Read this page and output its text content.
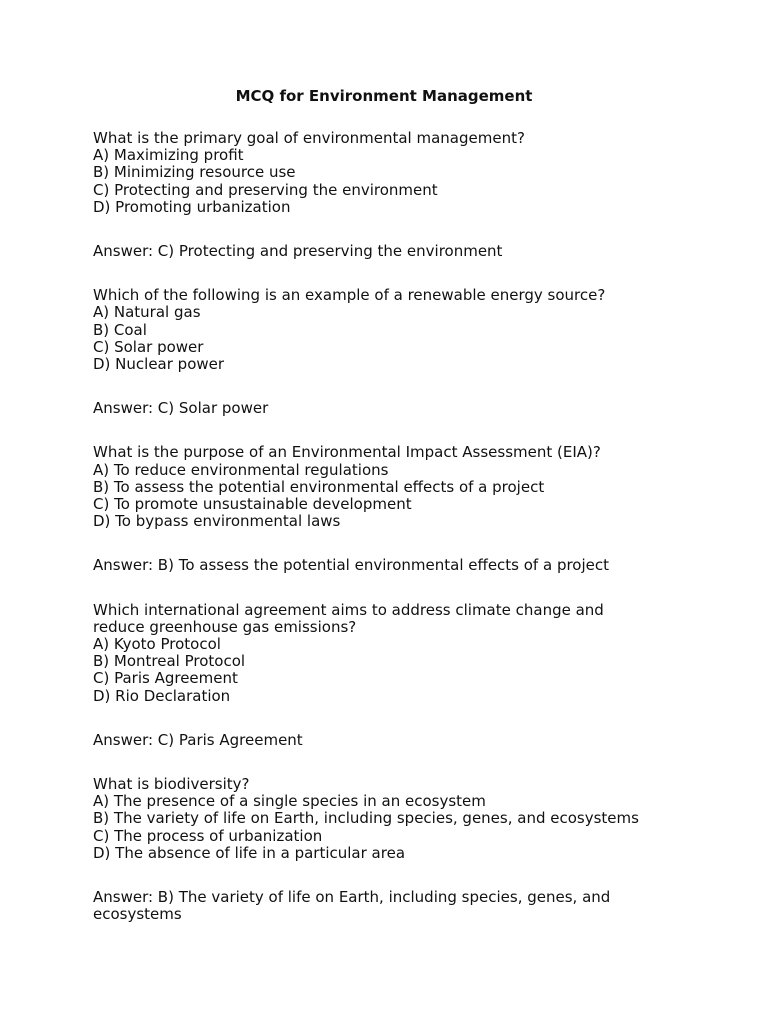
MCQ for Environment Management
What is the primary goal of environmental management?
A) Maximizing profit
B) Minimizing resource use
C) Protecting and preserving the environment
D) Promoting urbanization
Answer: C) Protecting and preserving the environment
Which of the following is an example of a renewable energy source?
A) Natural gas
B) Coal
C) Solar power
D) Nuclear power
Answer: C) Solar power
What is the purpose of an Environmental Impact Assessment (EIA)?
A) To reduce environmental regulations
B) To assess the potential environmental effects of a project
C) To promote unsustainable development
D) To bypass environmental laws
Answer: B) To assess the potential environmental effects of a project
Which international agreement aims to address climate change and
reduce greenhouse gas emissions?
A) Kyoto Protocol
B) Montreal Protocol
C) Paris Agreement
D) Rio Declaration
Answer: C) Paris Agreement
What is biodiversity?
A) The presence of a single species in an ecosystem
B) The variety of life on Earth, including species, genes, and ecosystems
C) The process of urbanization
D) The absence of life in a particular area
Answer: B) The variety of life on Earth, including species, genes, and
ecosystems
